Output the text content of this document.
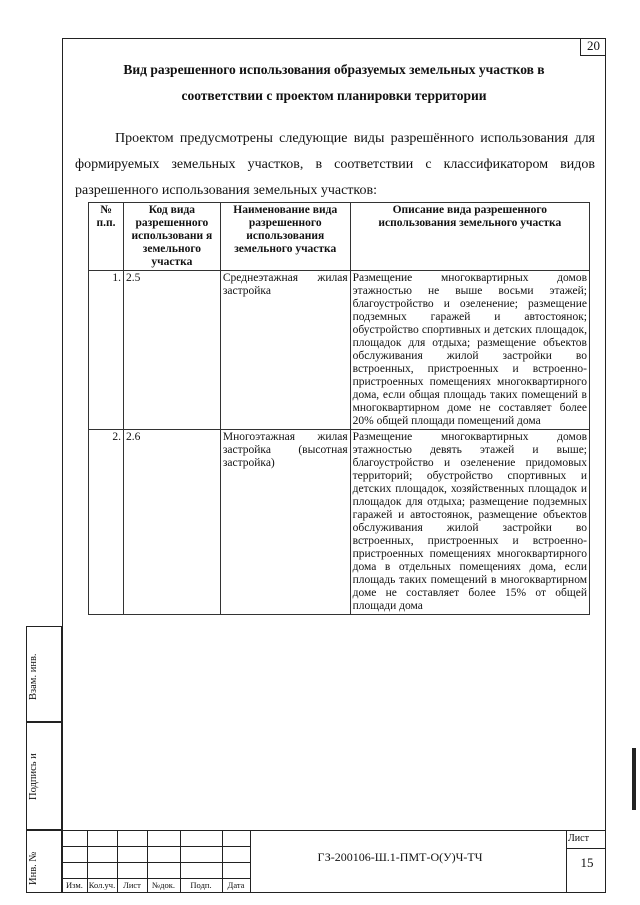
20
Вид разрешенного использования образуемых земельных участков в
соответствии с проектом планировки территории
Проектом предусмотрены следующие виды разрешённого использования для формируемых земельных участков, в соответствии с классификатором видов разрешенного использования земельных участков:
№ п.п.	Код вида разрешенного использовани я земельного участка	Наименование вида разрешенного использования земельного участка	Описание вида разрешенного использования земельного участка
1.	2.5	Среднеэтажная жилая застройка	Размещение многоквартирных домов этажностью не выше восьми этажей; благоустройство и озеленение; размещение подземных гаражей и автостоянок; обустройство спортивных и детских площадок, площадок для отдыха; размещение объектов обслуживания жилой застройки во встроенных, пристроенных и встроенно-пристроенных помещениях многоквартирного дома, если общая площадь таких помещений в многоквартирном доме не составляет более 20% общей площади помещений дома
2.	2.6	Многоэтажная жилая застройка (высотная застройка)	Размещение многоквартирных домов этажностью девять этажей и выше; благоустройство и озеленение придомовых территорий; обустройство спортивных и детских площадок, хозяйственных площадок и площадок для отдыха; размещение подземных гаражей и автостоянок, размещение объектов обслуживания жилой застройки во встроенных, пристроенных и встроенно-пристроенных помещениях многоквартирного дома в отдельных помещениях дома, если площадь таких помещений в многоквартирном доме не составляет более 15% от общей площади дома
Взам. инв.
Подпись и
Инв. №	Изм. Кол.уч. Лист	№док.	Подп.	Дата
ГЗ-200106-Ш.1-ПМТ-О(У)Ч-ТЧ
Лист
15
